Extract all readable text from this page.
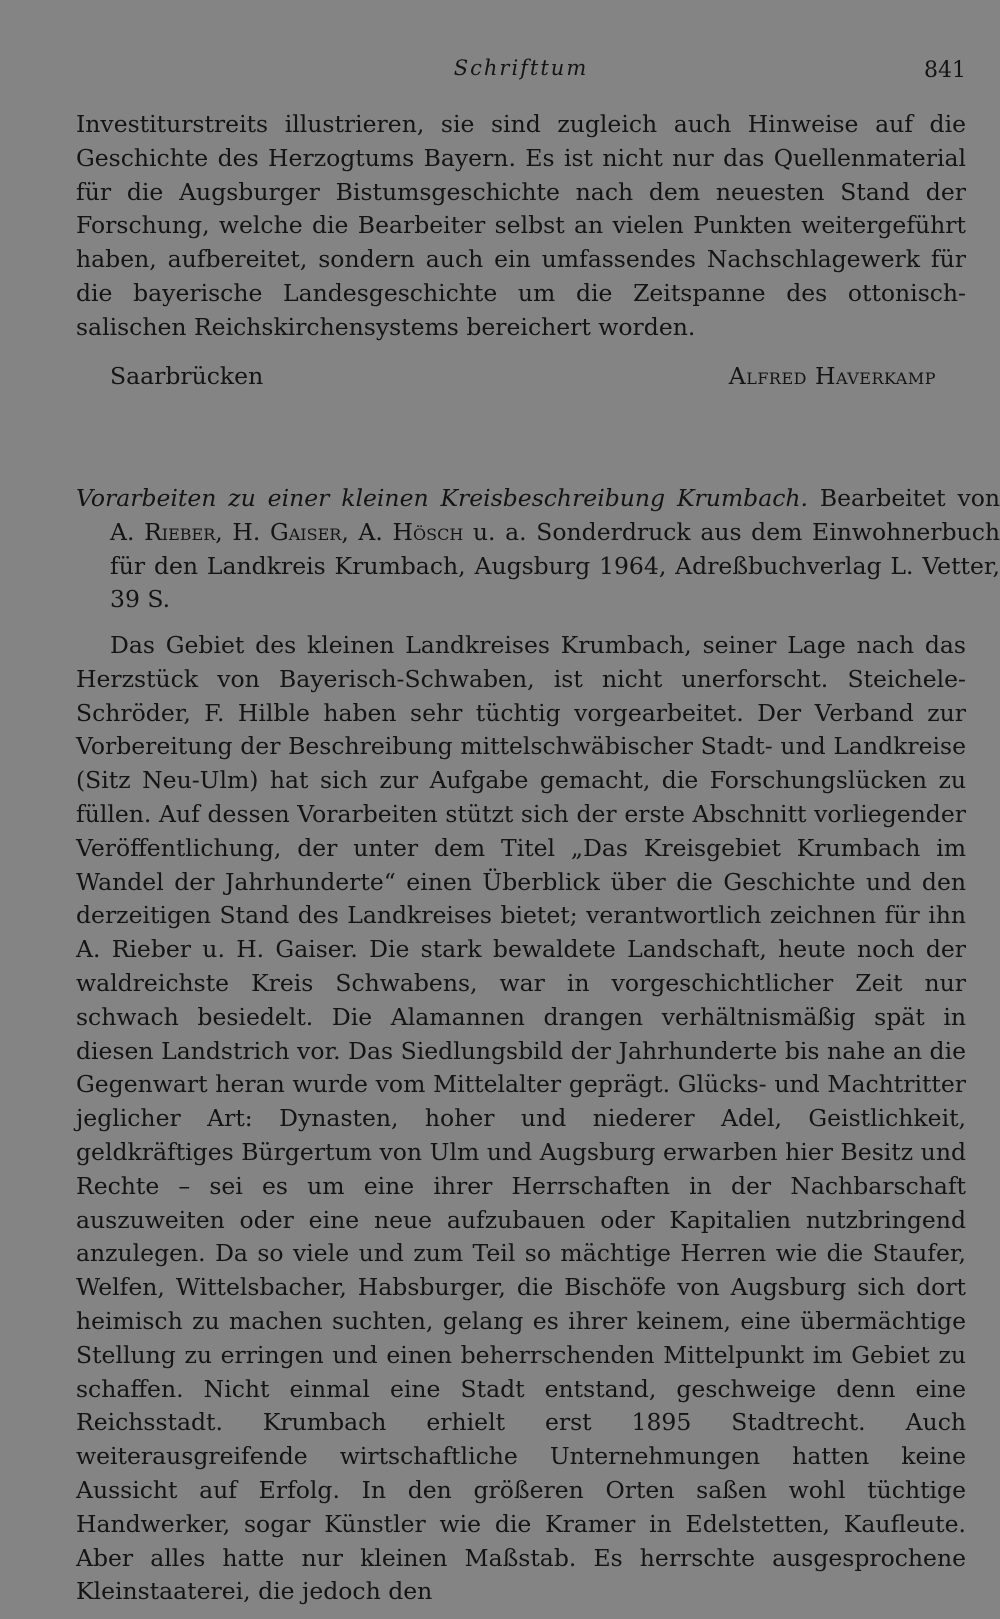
Schrifttum	841

Investiturstreits illustrieren, sie sind zugleich auch Hinweise auf die Geschichte des Herzogtums Bayern. Es ist nicht nur das Quellenmaterial für die Augsburger Bistumsgeschichte nach dem neuesten Stand der Forschung, welche die Bearbeiter selbst an vielen Punkten weitergeführt haben, aufbereitet, sondern auch ein umfassendes Nachschlagewerk für die bayerische Landesgeschichte um die Zeitspanne des ottonisch-salischen Reichskirchensystems bereichert worden.

Saarbrücken	Alfred Haverkamp

Vorarbeiten zu einer kleinen Kreisbeschreibung Krumbach. Bearbeitet von A. Rieber, H. Gaiser, A. Hösch u. a. Sonderdruck aus dem Einwohnerbuch für den Landkreis Krumbach, Augsburg 1964, Adreßbuchverlag L. Vetter, 39 S.

Das Gebiet des kleinen Landkreises Krumbach, seiner Lage nach das Herzstück von Bayerisch-Schwaben, ist nicht unerforscht. Steichele-Schröder, F. Hilble haben sehr tüchtig vorgearbeitet. Der Verband zur Vorbereitung der Beschreibung mittelschwäbischer Stadt- und Landkreise (Sitz Neu-Ulm) hat sich zur Aufgabe gemacht, die Forschungslücken zu füllen. Auf dessen Vorarbeiten stützt sich der erste Abschnitt vorliegender Veröffentlichung, der unter dem Titel „Das Kreisgebiet Krumbach im Wandel der Jahrhunderte“ einen Überblick über die Geschichte und den derzeitigen Stand des Landkreises bietet; verantwortlich zeichnen für ihn A. Rieber u. H. Gaiser. Die stark bewaldete Landschaft, heute noch der waldreichste Kreis Schwabens, war in vorgeschichtlicher Zeit nur schwach besiedelt. Die Alamannen drangen verhältnismäßig spät in diesen Landstrich vor. Das Siedlungsbild der Jahrhunderte bis nahe an die Gegenwart heran wurde vom Mittelalter geprägt. Glücks- und Machtritter jeglicher Art: Dynasten, hoher und niederer Adel, Geistlichkeit, geldkräftiges Bürgertum von Ulm und Augsburg erwarben hier Besitz und Rechte – sei es um eine ihrer Herrschaften in der Nachbarschaft auszuweiten oder eine neue aufzubauen oder Kapitalien nutzbringend anzulegen. Da so viele und zum Teil so mächtige Herren wie die Staufer, Welfen, Wittelsbacher, Habsburger, die Bischöfe von Augsburg sich dort heimisch zu machen suchten, gelang es ihrer keinem, eine übermächtige Stellung zu erringen und einen beherrschenden Mittelpunkt im Gebiet zu schaffen. Nicht einmal eine Stadt entstand, geschweige denn eine Reichsstadt. Krumbach erhielt erst 1895 Stadtrecht. Auch weiterausgreifende wirtschaftliche Unternehmungen hatten keine Aussicht auf Erfolg. In den größeren Orten saßen wohl tüchtige Handwerker, sogar Künstler wie die Kramer in Edelstetten, Kaufleute. Aber alles hatte nur kleinen Maßstab. Es herrschte ausgesprochene Kleinstaaterei, die jedoch den
